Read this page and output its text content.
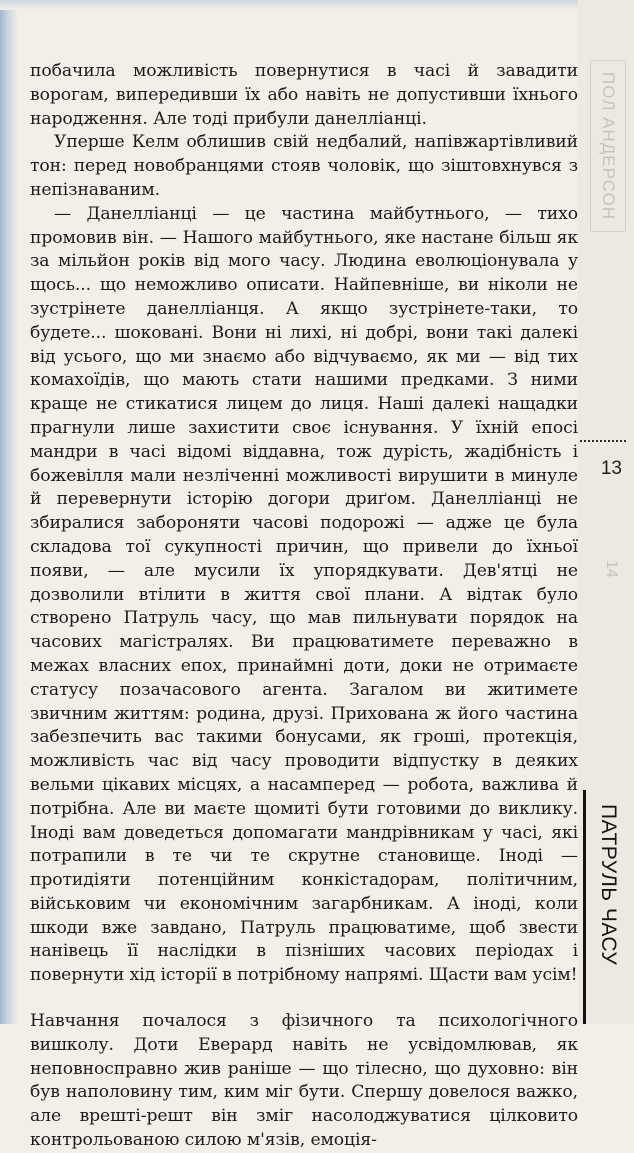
ПОЛ АНДЕРСОН
14
13
ПАТРУЛЬ ЧАСУ

побачила можливість повернутися в часі й завадити ворогам, випередивши їх або навіть не допустивши їхнього народження. Але тоді прибули данелліанці.

Уперше Келм облишив свій недбалий, напівжартівливий тон: перед новобранцями стояв чоловік, що зіштовхнувся з непізнаваним.

— Данелліанці — це частина майбутнього, — тихо промовив він. — Нашого майбутнього, яке настане більш як за мільйон років від мого часу. Людина еволюціонувала у щось... що неможливо описати. Найпевніше, ви ніколи не зустрінете данелліанця. А якщо зустрінете-таки, то будете... шоковані. Вони ні лихі, ні добрі, вони такі далекі від усього, що ми знаємо або відчуваємо, як ми — від тих комахоїдів, що мають стати нашими предками. З ними краще не стикатися лицем до лиця. Наші далекі нащадки прагнули лише захистити своє існування. У їхній епосі мандри в часі відомі віддавна, тож дурість, жадібність і божевілля мали незліченні можливості вирушити в минуле й перевернути історію догори дриґом. Данелліанці не збиралися забороняти часові подорожі — адже це була складова тої сукупності причин, що привели до їхньої появи, — але мусили їх упорядкувати. Дев'ятці не дозволили втілити в життя свої плани. А відтак було створено Патруль часу, що мав пильнувати порядок на часових магістралях. Ви працюватимете переважно в межах власних епох, принаймні доти, доки не отримаєте статусу позачасового агента. Загалом ви житимете звичним життям: родина, друзі. Прихована ж його частина забезпечить вас такими бонусами, як гроші, протекція, можливість час від часу проводити відпустку в деяких вельми цікавих місцях, а насамперед — робота, важлива й потрібна. Але ви маєте щомиті бути готовими до виклику. Іноді вам доведеться допомагати мандрівникам у часі, які потрапили в те чи те скрутне становище. Іноді — протидіяти потенційним конкістадорам, політичним, військовим чи економічним загарбникам. А іноді, коли шкоди вже завдано, Патруль працюватиме, щоб звести нанівець її наслідки в пізніших часових періодах і повернути хід історії в потрібному напрямі. Щасти вам усім!

Навчання почалося з фізичного та психологічного вишколу. Доти Еверард навіть не усвідомлював, як неповносправно жив раніше — що тілесно, що духовно: він був наполовину тим, ким міг бути. Спершу довелося важко, але врешті-решт він зміг насолоджуватися цілковито контрольованою силою м'язів, емоція-
